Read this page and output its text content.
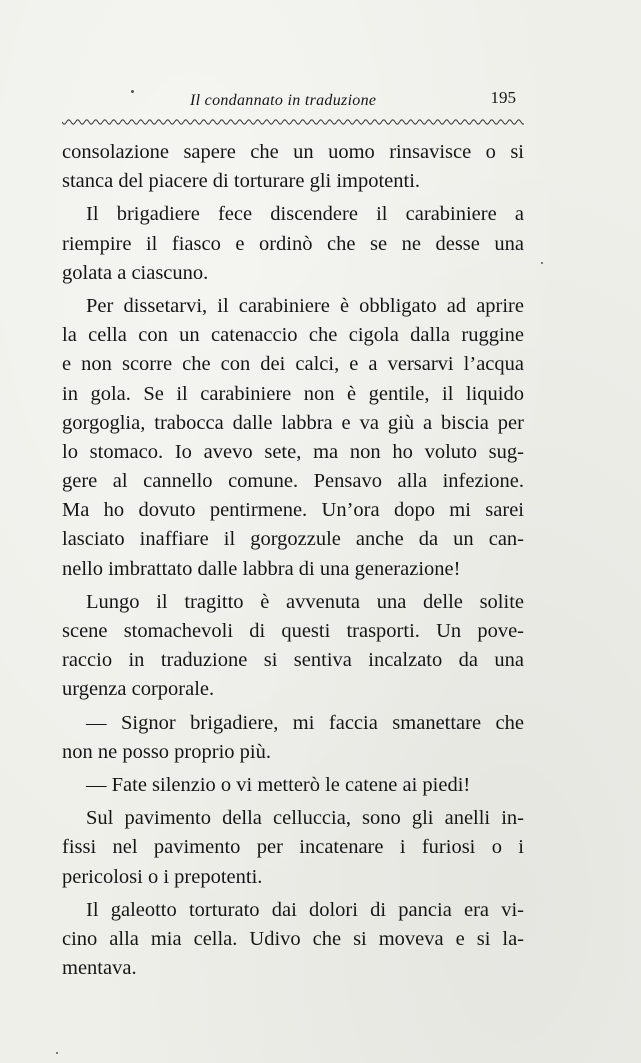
Il condannato in traduzione	195
consolazione sapere che un uomo rinsavisce o si
stanca del piacere di torturare gli impotenti.
Il brigadiere fece discendere il carabiniere a
riempire il fiasco e ordinò che se ne desse una
golata a ciascuno.
Per dissetarvi, il carabiniere è obbligato ad aprire
la cella con un catenaccio che cigola dalla ruggine
e non scorre che con dei calci, e a versarvi l’acqua
in gola. Se il carabiniere non è gentile, il liquido
gorgoglia, trabocca dalle labbra e va giù a biscia per
lo stomaco. Io avevo sete, ma non ho voluto sug-
gere al cannello comune. Pensavo alla infezione.
Ma ho dovuto pentirmene. Un’ora dopo mi sarei
lasciato inaffiare il gorgozzule anche da un can-
nello imbrattato dalle labbra di una generazione!
Lungo il tragitto è avvenuta una delle solite
scene stomachevoli di questi trasporti. Un pove-
raccio in traduzione si sentiva incalzato da una
urgenza corporale.
— Signor brigadiere, mi faccia smanettare che
non ne posso proprio più.
— Fate silenzio o vi metterò le catene ai piedi!
Sul pavimento della celluccia, sono gli anelli in-
fissi nel pavimento per incatenare i furiosi o i
pericolosi o i prepotenti.
Il galeotto torturato dai dolori di pancia era vi-
cino alla mia cella. Udivo che si moveva e si la-
mentava.
